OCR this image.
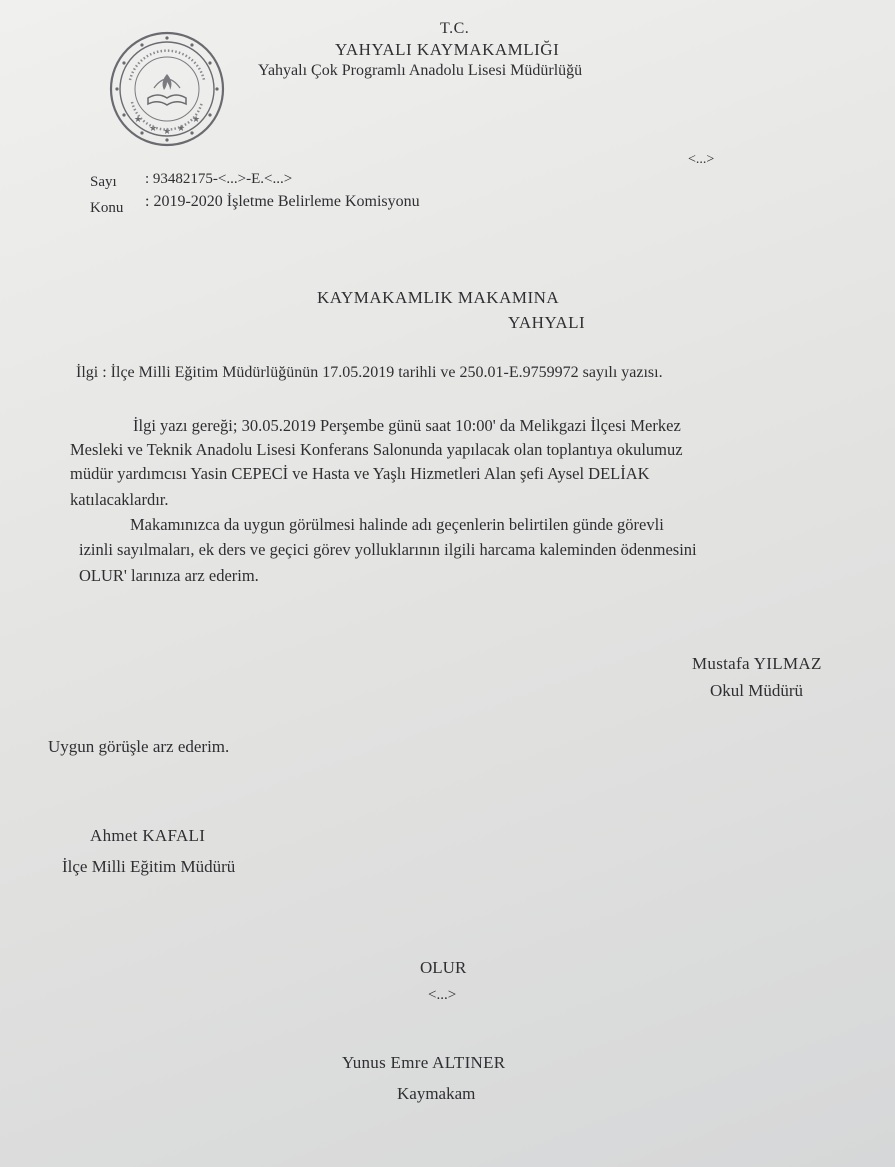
★
★ ★ ★
★
T.C.
YAHYALI KAYMAKAMLIĞI
Yahyalı Çok Programlı Anadolu Lisesi Müdürlüğü
<...>
Sayı : 93482175-<...>-E.<...>
Konu : 2019-2020 İşletme Belirleme Komisyonu
KAYMAKAMLIK MAKAMINA
YAHYALI
İlgi : İlçe Milli Eğitim Müdürlüğünün 17.05.2019 tarihli ve 250.01-E.9759972 sayılı yazısı.
İlgi yazı gereği; 30.05.2019 Perşembe günü saat 10:00' da Melikgazi İlçesi Merkez
Mesleki ve Teknik Anadolu Lisesi Konferans Salonunda yapılacak olan toplantıya okulumuz
müdür yardımcısı Yasin CEPECİ ve Hasta ve Yaşlı Hizmetleri Alan şefi Aysel DELİAK
katılacaklardır.
Makamınızca da uygun görülmesi halinde adı geçenlerin belirtilen günde görevli
izinli sayılmaları, ek ders ve geçici görev yolluklarının ilgili harcama kaleminden ödenmesini
OLUR' larınıza arz ederim.
Mustafa YILMAZ
Okul Müdürü
Uygun görüşle arz ederim.
Ahmet KAFALI
İlçe Milli Eğitim Müdürü
OLUR
<...>
Yunus Emre ALTINER
Kaymakam
